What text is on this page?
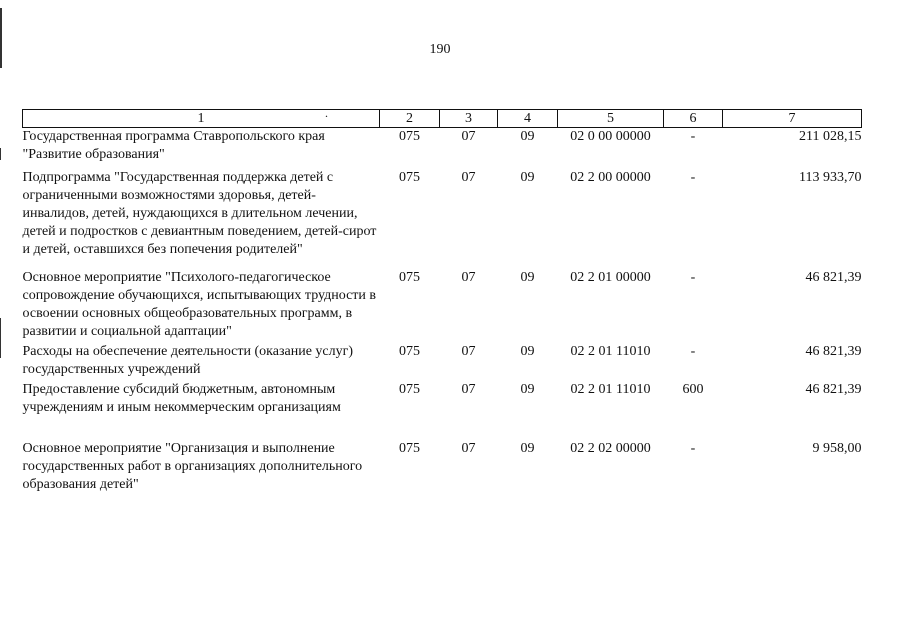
190
1 ·	2	3	4	5	6	7
Государственная программа Ставропольского края "Развитие образования"	075	07	09	02 0 00 00000	-	211 028,15
Подпрограмма "Государственная поддержка детей с ограниченными возможностями здоровья, детей-инвалидов, детей, нуждающихся в длительном лечении, детей и подростков с девиантным поведением, детей-сирот и детей, оставшихся без попечения родителей"	075	07	09	02 2 00 00000	-	113 933,70
Основное мероприятие "Психолого-педагогическое сопровождение обучающихся, испытывающих трудности в освоении основных общеобразовательных программ, в развитии и социальной адаптации"	075	07	09	02 2 01 00000	-	46 821,39
Расходы на обеспечение деятельности (оказание услуг) государственных учреждений	075	07	09	02 2 01 11010	-	46 821,39
Предоставление субсидий бюджетным, автономным учреждениям и иным некоммерческим организациям	075	07	09	02 2 01 11010	600	46 821,39
Основное мероприятие "Организация и выполнение государственных работ в организациях дополнительного образования детей"	075	07	09	02 2 02 00000	-	9 958,00
